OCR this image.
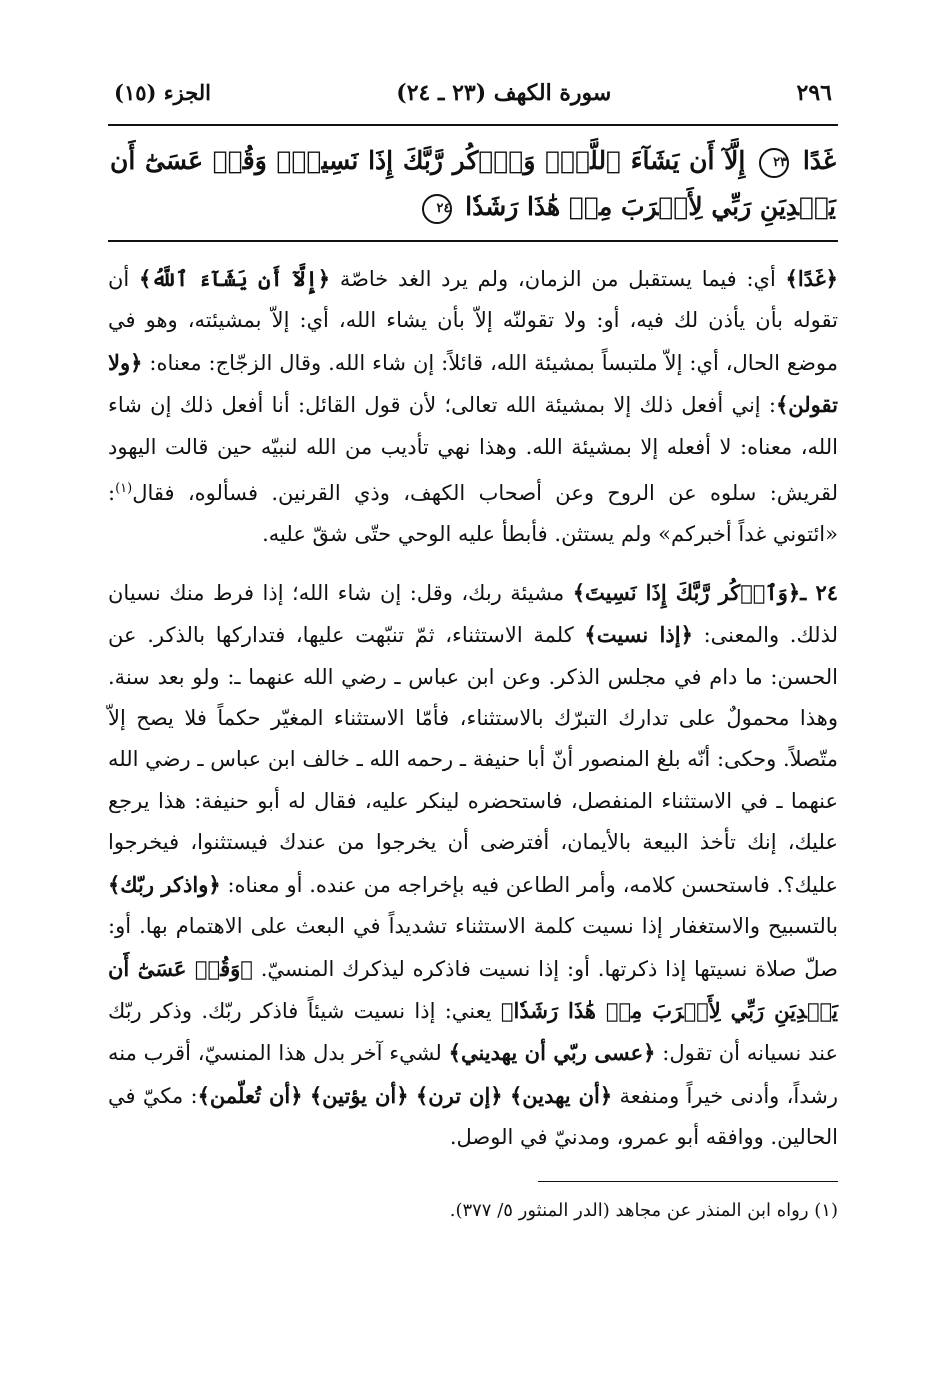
٢٩٦
سورة الكهف (٢٣ ـ ٢٤)
الجزء (١٥)
غَدًا ٢٣ إِلَّآ أَن يَشَآءَ ٱللَّهُۚ وَٱذۡكُر رَّبَّكَ إِذَا نَسِيتَۚ وَقُلۡ عَسَىٰٓ أَن يَهۡدِيَنِ رَبِّي لِأَقۡرَبَ مِنۡ هَٰذَا رَشَدٗا ٢٤

﴿غَدًا﴾ أي: فيما يستقبل من الزمان، ولم يرد الغد خاصّة ﴿إِلَّآ أَن يَشَآءَ ٱللَّهُ﴾ أن تقوله بأن يأذن لك فيه، أو: ولا تقولنّه إلاّ بأن يشاء الله، أي: إلاّ بمشيئته، وهو في موضع الحال، أي: إلاّ ملتبساً بمشيئة الله، قائلاً: إن شاء الله. وقال الزجّاج: معناه: ﴿ولا تقولن﴾: إني أفعل ذلك إلا بمشيئة الله تعالى؛ لأن قول القائل: أنا أفعل ذلك إن شاء الله، معناه: لا أفعله إلا بمشيئة الله. وهذا نهي تأديب من الله لنبيّه حين قالت اليهود لقريش: سلوه عن الروح وعن أصحاب الكهف، وذي القرنين. فسألوه، فقال$^{(١)}$: «ائتوني غداً أخبركم» ولم يستثن. فأبطأ عليه الوحي حتّى شقّ عليه.

٢٤ ـ﴿وَٱذۡكُر رَّبَّكَ إِذَا نَسِيتَ﴾ مشيئة ربك، وقل: إن شاء الله؛ إذا فرط منك نسيان لذلك. والمعنى: ﴿إذا نسيت﴾ كلمة الاستثناء، ثمّ تنبّهت عليها، فتداركها بالذكر. عن الحسن: ما دام في مجلس الذكر. وعن ابن عباس ـ رضي الله عنهما ـ: ولو بعد سنة. وهذا محمولٌ على تدارك التبرّك بالاستثناء، فأمّا الاستثناء المغيّر حكماً فلا يصح إلاّ متّصلاً. وحكى: أنّه بلغ المنصور أنّ أبا حنيفة ـ رحمه الله ـ خالف ابن عباس ـ رضي الله عنهما ـ في الاستثناء المنفصل، فاستحضره لينكر عليه، فقال له أبو حنيفة: هذا يرجع عليك، إنك تأخذ البيعة بالأيمان، أفترضى أن يخرجوا من عندك فيستثنوا، فيخرجوا عليك؟. فاستحسن كلامه، وأمر الطاعن فيه بإخراجه من عنده. أو معناه: ﴿واذكر ربّك﴾ بالتسبيح والاستغفار إذا نسيت كلمة الاستثناء تشديداً في البعث على الاهتمام بها. أو: صلّ صلاة نسيتها إذا ذكرتها. أو: إذا نسيت فاذكره ليذكرك المنسيّ. ﴿وَقُلۡ عَسَىٰٓ أَن يَهۡدِيَنِ رَبِّي لِأَقۡرَبَ مِنۡ هَٰذَا رَشَدٗا﴾ يعني: إذا نسيت شيئاً فاذكر ربّك. وذكر ربّك عند نسيانه أن تقول: ﴿عسى ربّي أن يهديني﴾ لشيء آخر بدل هذا المنسيّ، أقرب منه رشداً، وأدنى خيراً ومنفعة ﴿أن يهدين﴾ ﴿إن ترن﴾ ﴿أن يؤتين﴾ ﴿أن تُعلّمن﴾: مكيّ في الحالين. ووافقه أبو عمرو، ومدنيّ في الوصل.

(١) رواه ابن المنذر عن مجاهد (الدر المنثور ٥/ ٣٧٧).
